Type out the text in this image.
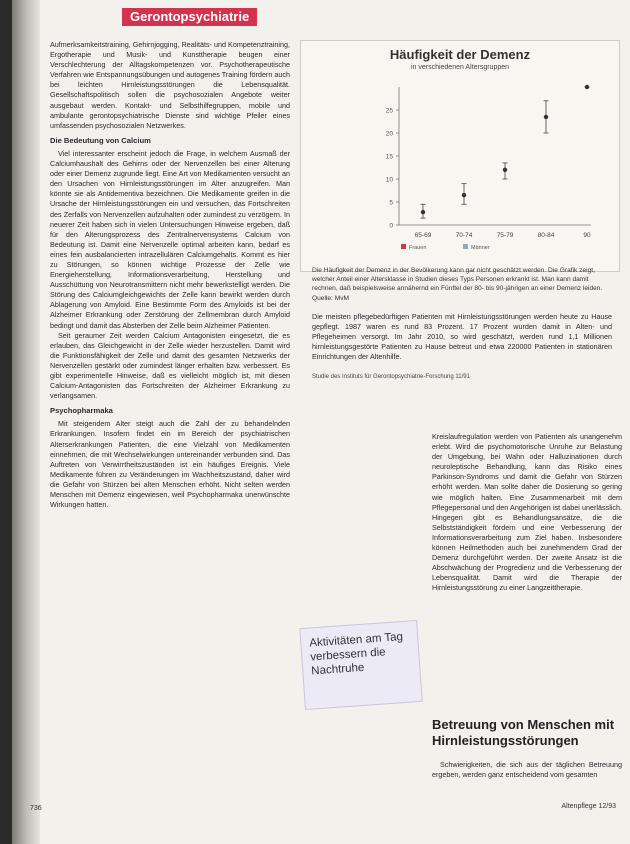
Gerontopsychiatrie

Aufmerksamkeitstraining, Gehirnjogging, Realitäts- und Kompetenztraining, Ergotherapie und Musik- und Kunsttherapie beugen einer Verschlechterung der Alltagskompetenzen vor. Psychotherapeutische Verfahren wie Entspannungsübungen und autogenes Training fördern auch bei leichten Hirnleistungsstörungen die Lebensqualität. Gesellschaftspolitisch sollen die psychosozialen Angebote weiter ausgebaut werden. Kontakt- und Selbsthilfegruppen, mobile und ambulante gerontopsychiatrische Dienste sind wichtige Pfeiler eines umfassenden psychosozialen Netzwerkes.

Die Bedeutung von Calcium

Viel interessanter erscheint jedoch die Frage, in welchem Ausmaß der Calciumhaushalt des Gehirns oder der Nervenzellen bei einer Alterung oder einer Demenz zugrunde liegt. Eine Art von Medikamenten versucht an den Ursachen von Hirnleistungsstörungen im Alter anzugreifen. Man könnte sie als Antidementiva bezeichnen. Die Medikamente greifen in die Ursache der Hirnleistungsstörungen ein und versuchen, das Fortschreiten des Zerfalls von Nervenzellen aufzuhalten oder zumindest zu verzögern. In neuerer Zeit haben sich in vielen Untersuchungen Hinweise ergeben, daß für den Alterungsprozess des Zentralnervensystems Calcium von Bedeutung ist. Damit eine Nervenzelle optimal arbeiten kann, bedarf es eines fein ausbalancierten intrazellulären Calciumgehalts. Kommt es hier zu Störungen, so können wichtige Prozesse der Zelle wie Energieherstellung, Informationsverarbeitung, Herstellung und Ausschüttung von Neurotransmittern nicht mehr bewerkstelligt werden. Die Störung des Calciumgleichgewichts der Zelle kann bewirkt werden durch Ablagerung von Amyloid. Eine Bestimmte Form des Amyloids ist bei der Alzheimer Erkrankung oder Zerstörung der Zellmembran durch Amyloid bedingt und damit das Absterben der Zelle beim Alzheimer Patienten.

Seit geraumer Zeit werden Calcium Antagonisten eingesetzt, die es erlauben, das Gleichgewicht in der Zelle wieder herzustellen. Damit wird die Funktionsfähigkeit der Zelle und damit des gesamten Netzwerks der Nervenzellen gestärkt oder zumindest länger erhalten bzw. verbessert. Es gibt experimentelle Hinweise, daß es vielleicht möglich ist, mit diesen Calcium-Antagonisten das Fortschreiten der Alzheimer Erkrankung zu verlangsamen.

Psychopharmaka

Mit steigendem Alter steigt auch die Zahl der zu behandelnden Erkrankungen. Insofern findet ein im Bereich der psychiatrischen Alterserkrankungen Patienten, die eine Vielzahl von Medikamenten einnehmen, die mit Wechselwirkungen untereinander verbunden sind. Das Auftreten von Verwirrtheitszuständen ist ein häufiges Ereignis. Viele Medikamente führen zu Veränderungen im Wachheitszustand, daher wird die Gefahr von Stürzen bei alten Menschen erhöht. Nicht selten werden Menschen mit Demenz eingewiesen, weil Psychopharmaka unerwünschte Wirkungen hatten.

Häufigkeit der Demenz
in verschiedenen Altersgruppen
0
5
10
15
20
25
65-69	70-74	75-79	80-84	90
Frauen	Männer
Die Häufigkeit der Demenz in der Bevölkerung kann gar nicht geschätzt werden. Die Grafik zeigt, welcher Anteil einer Altersklasse in Studien dieses Typs Personen erkrankt ist. Man kann damit rechnen, daß beispielsweise annähernd ein Fünftel der 80- bis 90-jährigen an einer Demenz leiden. Quelle: MvM
Die meisten pflegebedürftigen Patienten mit Hirnleistungsstörungen werden heute zu Hause gepflegt. 1987 waren es rund 83 Prozent. 17 Prozent wurden damit in Alten- und Pflegeheimen versorgt. Im Jahr 2010, so wird geschätzt, werden rund 1,1 Millionen hirnleistungsgestörte Patienten zu Hause betreut und etwa 220000 Patienten in stationären Einrichtungen der Altenhilfe.
Studie des Instituts für Gerontopsychiatrie-Forschung 11/91

Kreislaufregulation werden von Patienten als unangenehm erlebt. Wird die psychomotorische Unruhe zur Belastung der Umgebung, bei Wahn oder Halluzinationen durch neuroleptische Behandlung, kann das Risiko eines Parkinson-Syndroms und damit die Gefahr von Stürzen erhöht werden. Man sollte daher die Dosierung so gering wie möglich halten. Eine Zusammenarbeit mit dem Pflegepersonal und den Angehörigen ist dabei unerlässlich. Hingegen gibt es Behandlungsansätze, die die Selbstständigkeit fördern und eine Verbesserung der Informationsverarbeitung zum Ziel haben. Insbesondere können Heilmethoden auch bei zunehmendem Grad der Demenz durchgeführt werden. Der zweite Ansatz ist die Abschwächung der Progredienz und die Verbesserung der Lebensqualität. Damit wird die Therapie der Hirnleistungsstörung zu einer Langzeittherapie.

Aktivitäten am Tag
verbessern die
Nachtruhe
Betreuung von Menschen mit
Hirnleistungsstörungen

Schwierigkeiten, die sich aus der täglichen Betreuung ergeben, werden ganz entscheidend vom gesamten

736	Altenpflege 12/93
